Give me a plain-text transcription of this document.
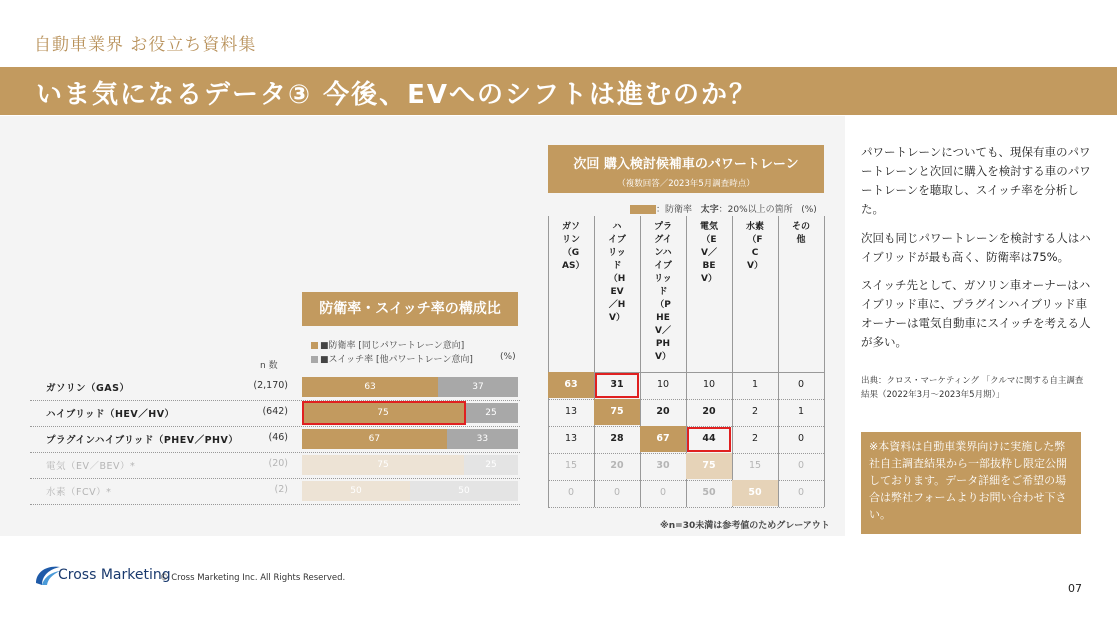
自動車業界 お役立ち資料集
いま気になるデータ③ 今後、EVへのシフトは進むのか？
防衛率・スイッチ率の構成比
■防衛率 [同じパワートレーン意向]
■スイッチ率 [他パワートレーン意向]
n 数
(%)
ガソリン（GAS）	(2,170)	63	37
ハイブリッド（HEV／HV）	(642)	75	25
プラグインハイブリッド（PHEV／PHV）	(46)	67	33
電気（EV／BEV）*	(20)	75	25
水素（FCV）*	(2)	50	50
次回 購入検討候補車のパワートレーン
（複数回答／2023年5月調査時点）
：防衛率 太字：20%以上の箇所 (%)
ガソリン（GAS）
ハイブリッド（HEV／HV）
プラグインハイブリッド（PHEV／PHV）
電気（EV／BEV）
水素（FCV）
その他
63	31	10	10	1	0
13	75	20	20	2	1
13	28	67	44	2	0
15	20	30	75	15	0
0	0	0	50	50	0
※n=30未満は参考値のためグレーアウト
パワートレーンについても、現保有車のパワートレーンと次回に購入を検討する車のパワートレーンを聴取し、スイッチ率を分析した。
次回も同じパワートレーンを検討する人はハイブリッドが最も高く、防衛率は75%。
スイッチ先として、ガソリン車オーナーはハイブリッド車に、プラグインハイブリッド車オーナーは電気自動車にスイッチを考える人が多い。
出典：クロス・マーケティング 「クルマに関する自主調査結果（2022年3月～2023年5月期）」
※本資料は自動車業界向けに実施した弊社自主調査結果から一部抜粋し限定公開しております。データ詳細をご希望の場合は弊社フォームよりお問い合わせ下さい。
Cross Marketing
© Cross Marketing Inc. All Rights Reserved.
07
